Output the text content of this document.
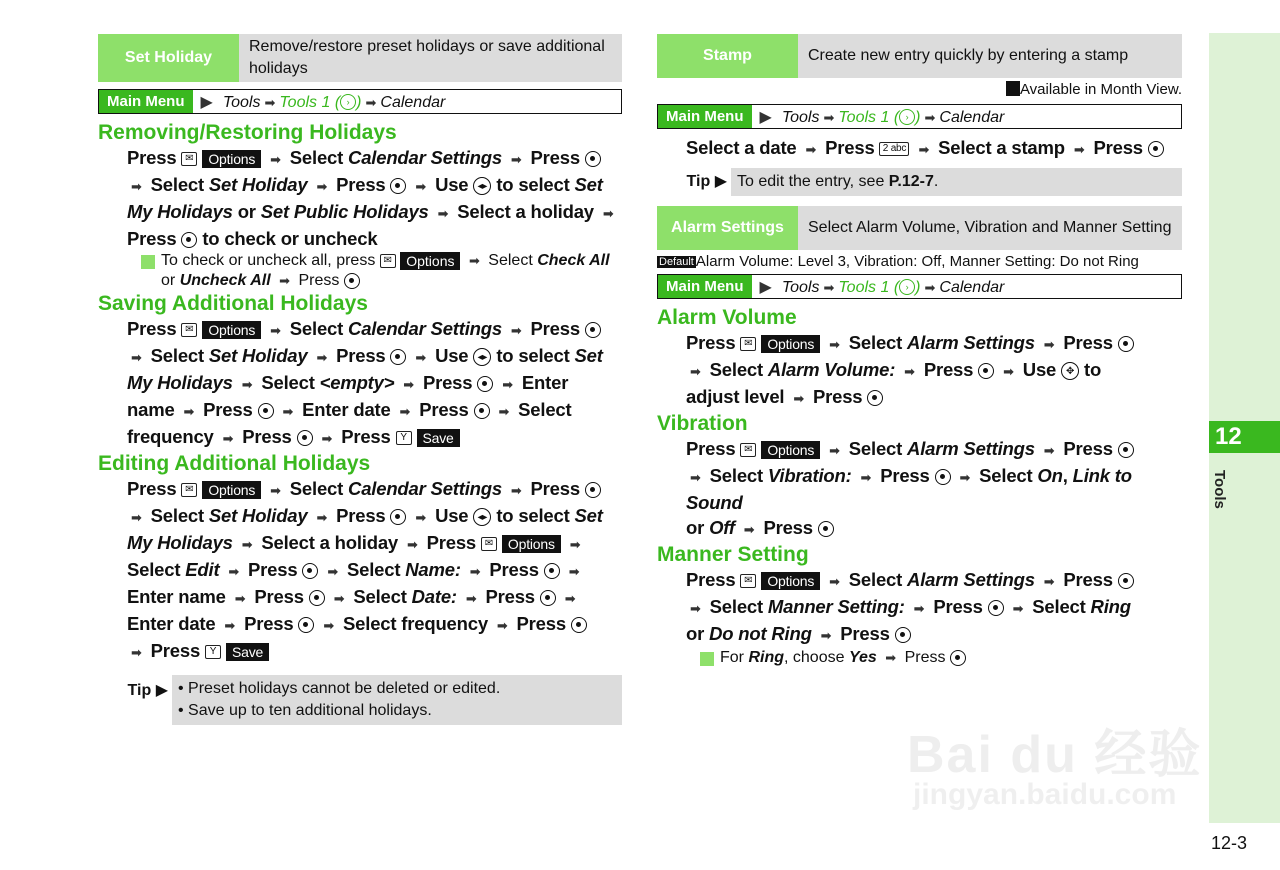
Set Holiday
Remove/restore preset holidays or save additional holidays
Main Menu	▶ Tools ➡ Tools 1 ( › ) ➡ Calendar
Removing/Restoring Holidays
Press ✉ Options ➡ Select Calendar Settings ➡ Press
➡ Select Set Holiday ➡ Press ➡ Use ◂▸ to select Set
My Holidays or Set Public Holidays ➡ Select a holiday ➡
Press to check or uncheck
To check or uncheck all, press ✉ Options ➡ Select Check All or Uncheck All ➡ Press
Saving Additional Holidays
Press ✉ Options ➡ Select Calendar Settings ➡ Press
➡ Select Set Holiday ➡ Press ➡ Use ◂▸ to select Set
My Holidays ➡ Select <empty> ➡ Press ➡ Enter
name ➡ Press ➡ Enter date ➡ Press ➡ Select
frequency ➡ Press ➡ Press Y Save
Editing Additional Holidays
Press ✉ Options ➡ Select Calendar Settings ➡ Press
➡ Select Set Holiday ➡ Press ➡ Use ◂▸ to select Set
My Holidays ➡ Select a holiday ➡ Press ✉ Options ➡
Select Edit ➡ Press ➡ Select Name: ➡ Press ➡
Enter name ➡ Press ➡ Select Date: ➡ Press ➡
Enter date ➡ Press ➡ Select frequency ➡ Press
➡ Press Y Save
Tip ▶ • Preset holidays cannot be deleted or edited.
• Save up to ten additional holidays.
Stamp	Create new entry quickly by entering a stamp
Available in Month View.
Main Menu	▶ Tools ➡ Tools 1 ( › ) ➡ Calendar
Select a date ➡ Press 2 abc ➡ Select a stamp ➡ Press
Tip ▶ To edit the entry, see P.12-7.
Alarm Settings	Select Alarm Volume, Vibration and Manner Setting
Default Alarm Volume: Level 3, Vibration: Off, Manner Setting: Do not Ring
Main Menu	▶ Tools ➡ Tools 1 ( › ) ➡ Calendar
Alarm Volume
Press ✉ Options ➡ Select Alarm Settings ➡ Press
➡ Select Alarm Volume: ➡ Press ➡ Use ✥ to
adjust level ➡ Press
Vibration
Press ✉ Options ➡ Select Alarm Settings ➡ Press
➡ Select Vibration: ➡ Press ➡ Select On, Link to Sound
or Off ➡ Press
Manner Setting
Press ✉ Options ➡ Select Alarm Settings ➡ Press
➡ Select Manner Setting: ➡ Press ➡ Select Ring
or Do not Ring ➡ Press
For Ring, choose Yes ➡ Press
12
Tools
12-3
Bai du 经验
jingyan.baidu.com
